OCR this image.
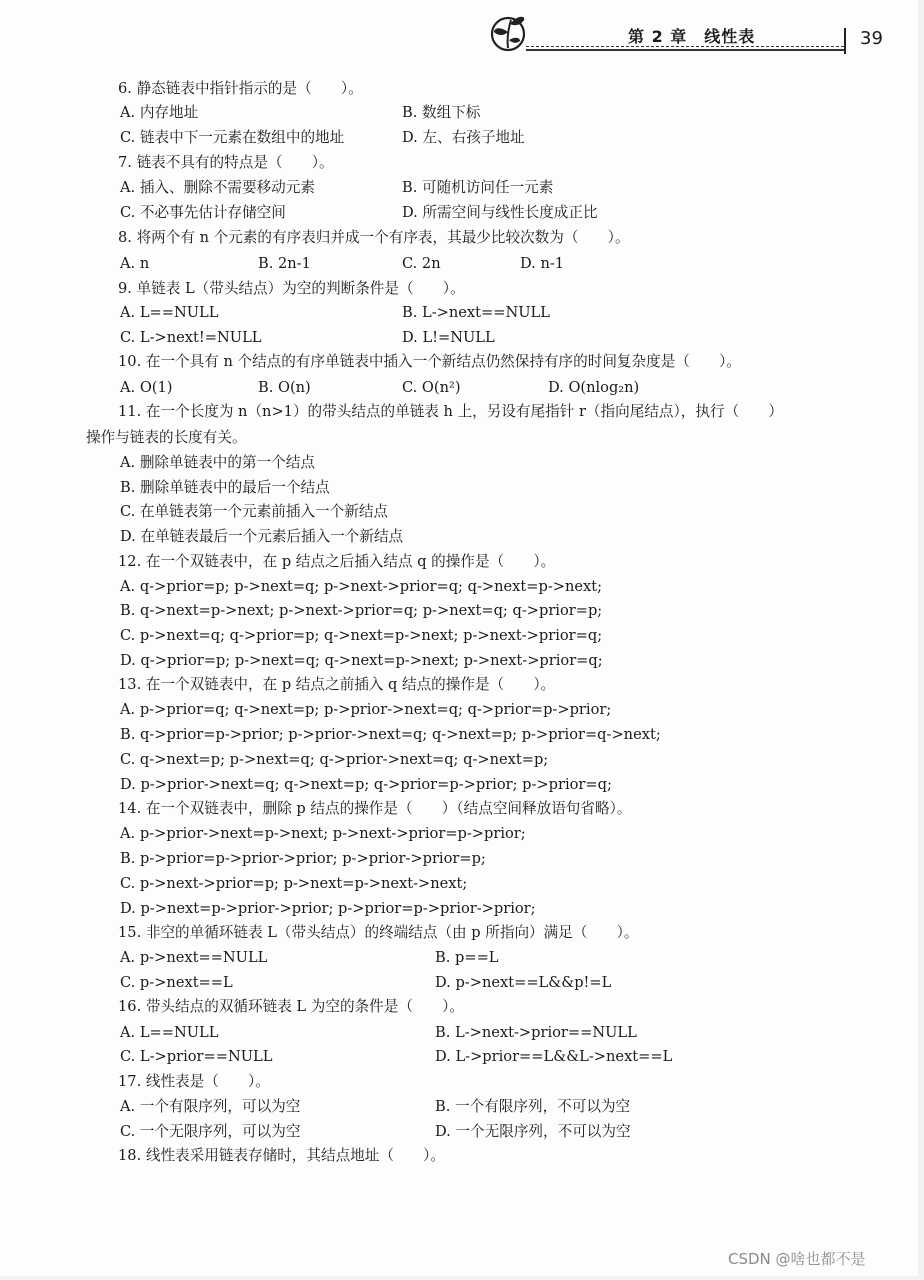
第 2 章　线性表	39
6. 静态链表中指针指示的是（　　）。
A. 内存地址	B. 数组下标
C. 链表中下一元素在数组中的地址	D. 左、右孩子地址
7. 链表不具有的特点是（　　）。
A. 插入、删除不需要移动元素	B. 可随机访问任一元素
C. 不必事先估计存储空间	D. 所需空间与线性长度成正比
8. 将两个有 n 个元素的有序表归并成一个有序表，其最少比较次数为（　　）。
A. n	B. 2n-1	C. 2n	D. n-1
9. 单链表 L（带头结点）为空的判断条件是（　　）。
A. L==NULL	B. L->next==NULL
C. L->next!=NULL	D. L!=NULL
10. 在一个具有 n 个结点的有序单链表中插入一个新结点仍然保持有序的时间复杂度是（　　）。
A. O(1)	B. O(n)	C. O(n²)	D. O(nlog₂n)
11. 在一个长度为 n（n>1）的带头结点的单链表 h 上，另设有尾指针 r（指向尾结点），执行（　　）
操作与链表的长度有关。
A. 删除单链表中的第一个结点
B. 删除单链表中的最后一个结点
C. 在单链表第一个元素前插入一个新结点
D. 在单链表最后一个元素后插入一个新结点
12. 在一个双链表中，在 p 结点之后插入结点 q 的操作是（　　）。
A. q->prior=p; p->next=q; p->next->prior=q; q->next=p->next;
B. q->next=p->next; p->next->prior=q; p->next=q; q->prior=p;
C. p->next=q; q->prior=p; q->next=p->next; p->next->prior=q;
D. q->prior=p; p->next=q; q->next=p->next; p->next->prior=q;
13. 在一个双链表中，在 p 结点之前插入 q 结点的操作是（　　）。
A. p->prior=q; q->next=p; p->prior->next=q; q->prior=p->prior;
B. q->prior=p->prior; p->prior->next=q; q->next=p; p->prior=q->next;
C. q->next=p; p->next=q; q->prior->next=q; q->next=p;
D. p->prior->next=q; q->next=p; q->prior=p->prior; p->prior=q;
14. 在一个双链表中，删除 p 结点的操作是（　　）（结点空间释放语句省略）。
A. p->prior->next=p->next; p->next->prior=p->prior;
B. p->prior=p->prior->prior; p->prior->prior=p;
C. p->next->prior=p; p->next=p->next->next;
D. p->next=p->prior->prior; p->prior=p->prior->prior;
15. 非空的单循环链表 L（带头结点）的终端结点（由 p 所指向）满足（　　）。
A. p->next==NULL	B. p==L
C. p->next==L	D. p->next==L&&p!=L
16. 带头结点的双循环链表 L 为空的条件是（　　）。
A. L==NULL	B. L->next->prior==NULL
C. L->prior==NULL	D. L->prior==L&&L->next==L
17. 线性表是（　　）。
A. 一个有限序列，可以为空	B. 一个有限序列，不可以为空
C. 一个无限序列，可以为空	D. 一个无限序列，不可以为空
18. 线性表采用链表存储时，其结点地址（　　）。
CSDN @啥也都不是
